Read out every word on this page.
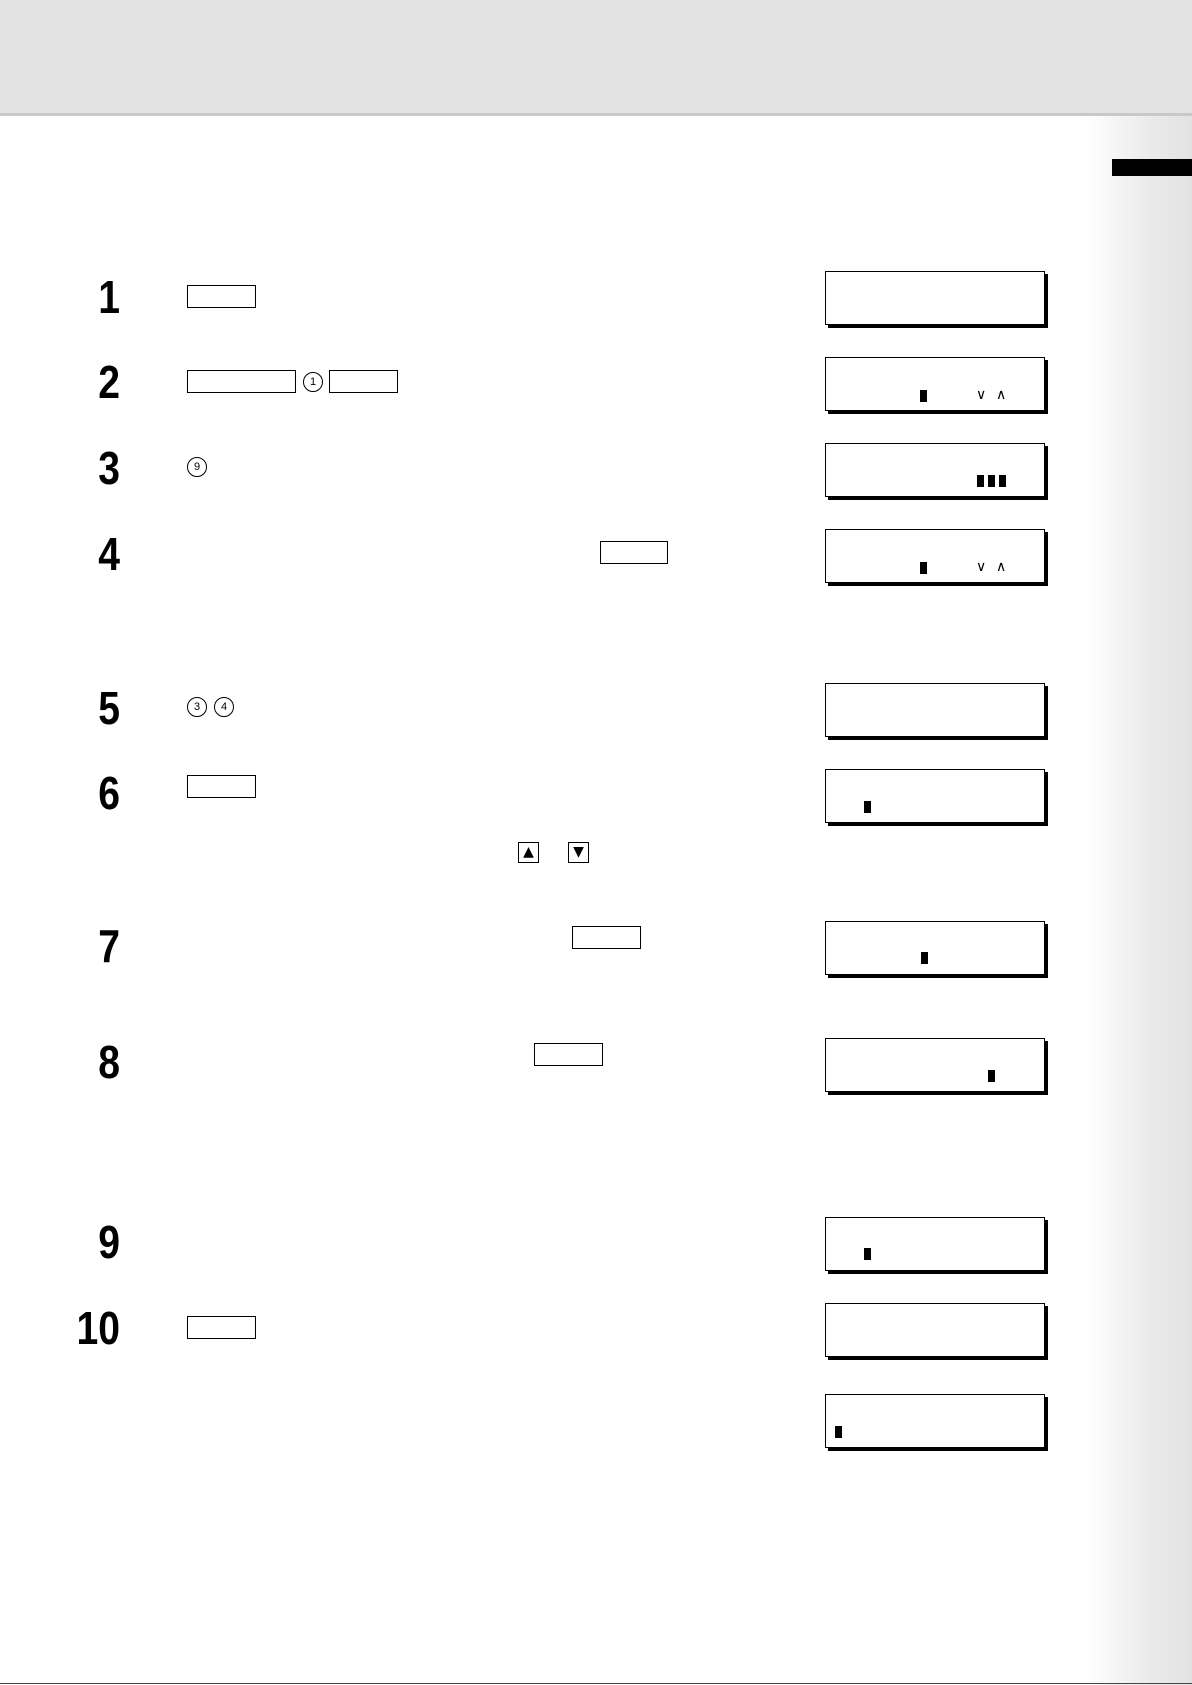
1
2	1
∨ ∧
3	9
4	∨ ∧
5	3	4
6
▲	▼
7
8
9
10
